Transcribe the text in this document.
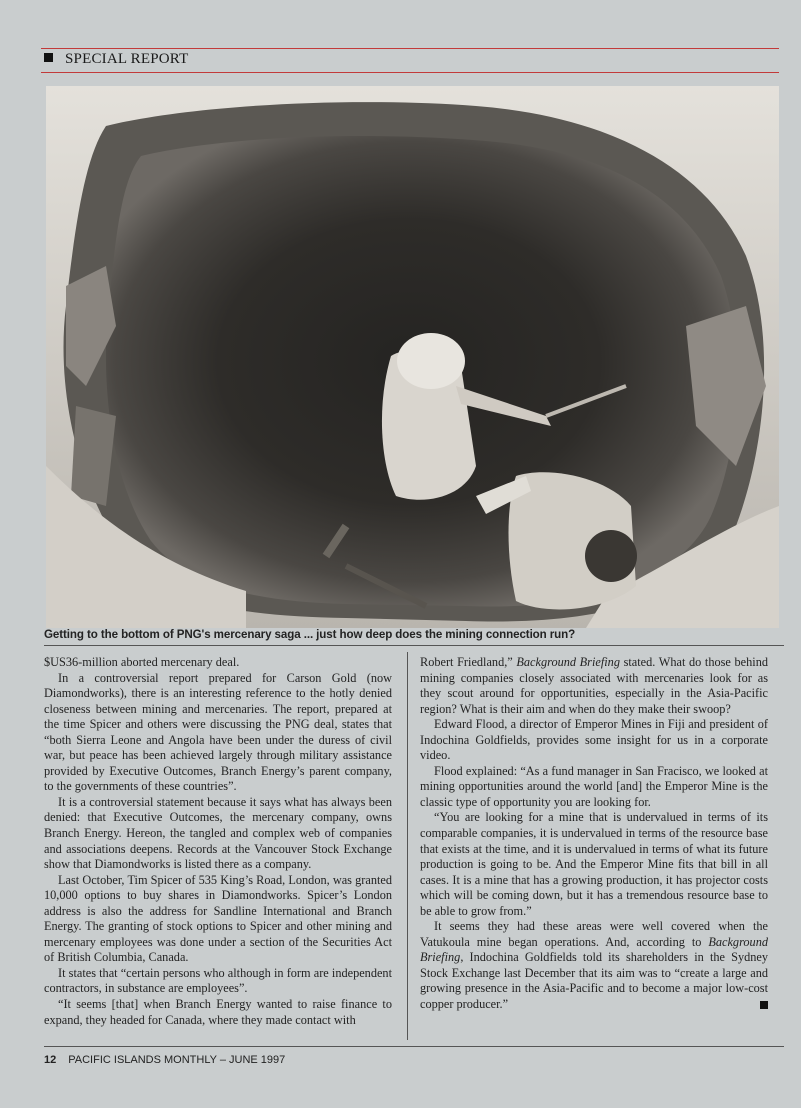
SPECIAL REPORT
Getting to the bottom of PNG's mercenary saga ... just how deep does the mining connection run?

$US36-million aborted mercenary deal.

In a controversial report prepared for Carson Gold (now Diamondworks), there is an interesting reference to the hotly denied closeness between mining and mercenaries. The report, prepared at the time Spicer and others were discussing the PNG deal, states that “both Sierra Leone and Angola have been under the duress of civil war, but peace has been achieved largely through military assistance provided by Executive Outcomes, Branch Energy’s parent company, to the governments of these countries”.

It is a controversial statement because it says what has always been denied: that Executive Outcomes, the mercenary company, owns Branch Energy. Hereon, the tangled and complex web of companies and associations deepens. Records at the Vancouver Stock Exchange show that Diamondworks is listed there as a company.

Last October, Tim Spicer of 535 King’s Road, London, was granted 10,000 options to buy shares in Diamondworks. Spicer’s London address is also the address for Sandline International and Branch Energy. The granting of stock options to Spicer and other mining and mercenary employees was done under a section of the Securities Act of British Columbia, Canada.

It states that “certain persons who although in form are independent contractors, in substance are employees”.

“It seems [that] when Branch Energy wanted to raise finance to expand, they headed for Canada, where they made contact with

Robert Friedland,” Background Briefing stated. What do those behind mining companies closely associated with mercenaries look for as they scout around for opportunities, especially in the Asia-Pacific region? What is their aim and when do they make their swoop?

Edward Flood, a director of Emperor Mines in Fiji and president of Indochina Goldfields, provides some insight for us in a corporate video.

Flood explained: “As a fund manager in San Fracisco, we looked at mining opportunities around the world [and] the Emperor Mine is the classic type of opportunity you are looking for.

“You are looking for a mine that is undervalued in terms of its comparable companies, it is undervalued in terms of the resource base that exists at the time, and it is undervalued in terms of what its future production is going to be. And the Emperor Mine fits that bill in all cases. It is a mine that has a growing production, it has projector costs which will be coming down, but it has a tremendous resource base to be able to grow from.”

It seems they had these areas were well covered when the Vatukoula mine began operations. And, according to Background Briefing, Indochina Goldfields told its shareholders in the Sydney Stock Exchange last December that its aim was to “create a large and growing presence in the Asia-Pacific and to become a major low-cost copper producer.”

12 PACIFIC ISLANDS MONTHLY – JUNE 1997
